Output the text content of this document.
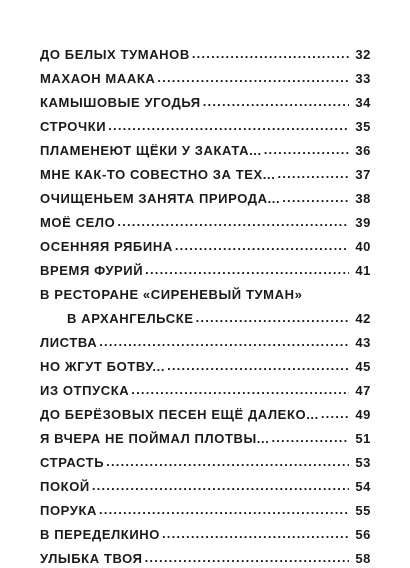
ДО БЕЛЫХ ТУМАНОВ .....	32
МАХАОН МААКА .....	33
КАМЫШОВЫЕ УГОДЬЯ .....	34
СТРОЧКИ .....	35
ПЛАМЕНЕЮТ ЩЁКИ У ЗАКАТА... .....	36
МНЕ КАК-ТО СОВЕСТНО ЗА ТЕХ... .....	37
ОЧИЩЕНЬЕМ ЗАНЯТА ПРИРОДА... .....	38
МОЁ СЕЛО .....	39
ОСЕННЯЯ РЯБИНА .....	40
ВРЕМЯ ФУРИЙ .....	41
В РЕСТОРАНЕ «СИРЕНЕВЫЙ ТУМАН»
В АРХАНГЕЛЬСКЕ .....	42
ЛИСТВА .....	43
НО ЖГУТ БОТВУ... .....	45
ИЗ ОТПУСКА .....	47
ДО БЕРЁЗОВЫХ ПЕСЕН ЕЩЁ ДАЛЕКО... .....	49
Я ВЧЕРА НЕ ПОЙМАЛ ПЛОТВЫ... .....	51
СТРАСТЬ .....	53
ПОКОЙ .....	54
ПОРУКА .....	55
В ПЕРЕДЕЛКИНО .....	56
УЛЫБКА ТВОЯ .....	58
